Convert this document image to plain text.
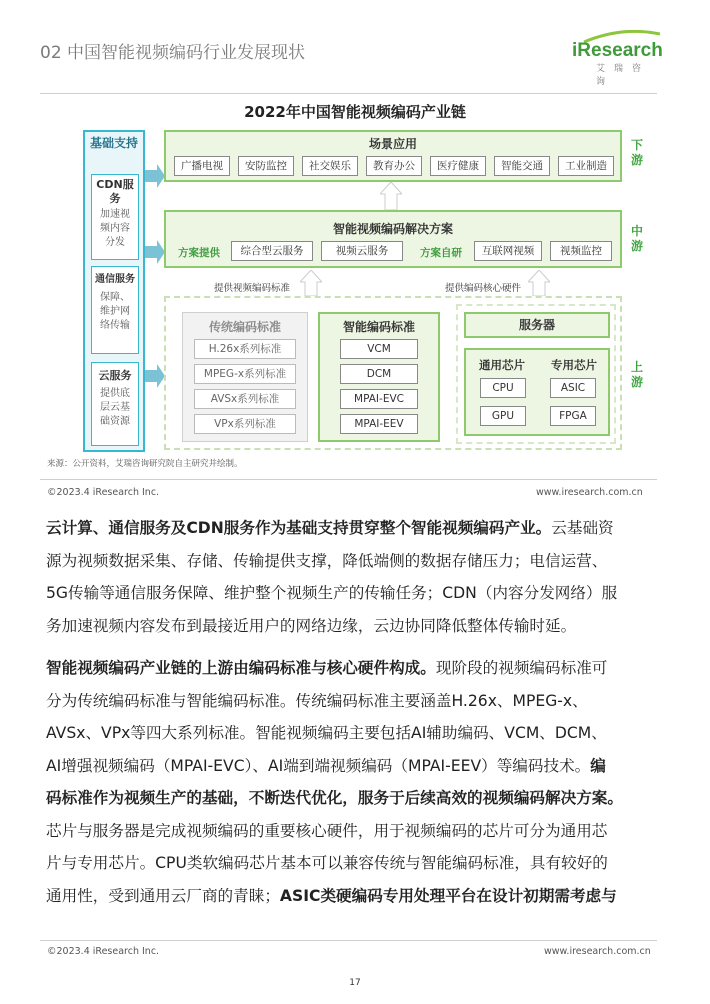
02 中国智能视频编码行业发展现状	iResearch
艾瑞咨询
2022年中国智能视频编码产业链
基础支持
CDN服务
加速视频内容分发
通信服务
保障、维护网络传输
云服务
提供底层云基础资源
场景应用
广播电视	安防监控	社交娱乐	教育办公	医疗健康	智能交通	工业制造
下游
智能视频编码解决方案
方案提供	综合型云服务	视频云服务	方案自研	互联网视频	视频监控
中游
提供视频编码标准	提供编码核心硬件
上游
传统编码标准
H.26x系列标准
MPEG-x系列标准
AVSx系列标准
VPx系列标准
智能编码标准
VCM
DCM
MPAI-EVC
MPAI-EEV
服务器
通用芯片	专用芯片
CPU
GPU
ASIC
FPGA
来源：公开资料，艾瑞咨询研究院自主研究并绘制。
©2023.4 iResearch Inc.	www.iresearch.com.cn
云计算、通信服务及CDN服务作为基础支持贯穿整个智能视频编码产业。云基础资
源为视频数据采集、存储、传输提供支撑，降低端侧的数据存储压力；电信运营、
5G传输等通信服务保障、维护整个视频生产的传输任务；CDN（内容分发网络）服
务加速视频内容发布到最接近用户的网络边缘，云边协同降低整体传输时延。
智能视频编码产业链的上游由编码标准与核心硬件构成。现阶段的视频编码标准可
分为传统编码标准与智能编码标准。传统编码标准主要涵盖H.26x、MPEG-x、
AVSx、VPx等四大系列标准。智能视频编码主要包括AI辅助编码、VCM、DCM、
AI增强视频编码（MPAI-EVC）、AI端到端视频编码（MPAI-EEV）等编码技术。编
码标准作为视频生产的基础，不断迭代优化，服务于后续高效的视频编码解决方案。
芯片与服务器是完成视频编码的重要核心硬件，用于视频编码的芯片可分为通用芯
片与专用芯片。CPU类软编码芯片基本可以兼容传统与智能编码标准，具有较好的
通用性，受到通用云厂商的青睐；ASIC类硬编码专用处理平台在设计初期需考虑与
©2023.4 iResearch Inc.	www.iresearch.com.cn
17
